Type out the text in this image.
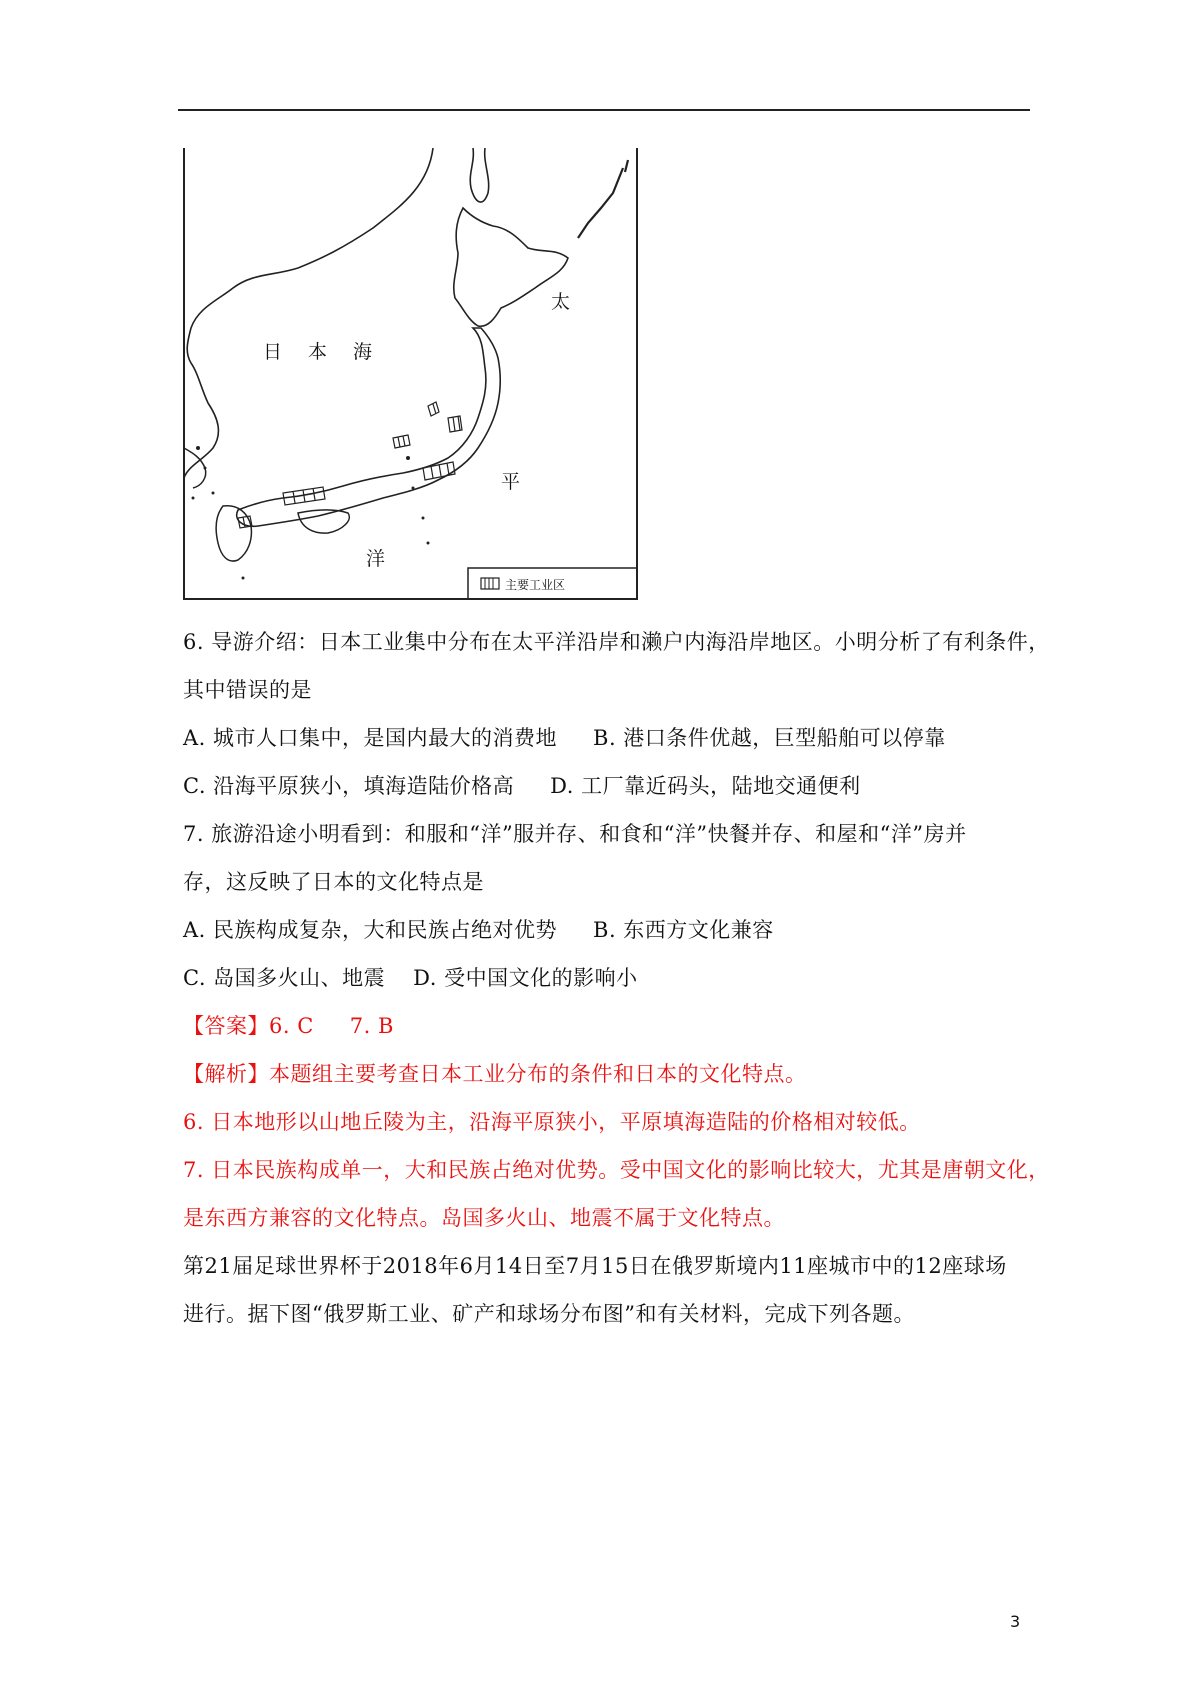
日 本 海
太
平
洋
主要工业区
6. 导游介绍：日本工业集中分布在太平洋沿岸和濑户内海沿岸地区。小明分析了有利条件，
其中错误的是
A. 城市人口集中，是国内最大的消费地 B. 港口条件优越，巨型船舶可以停靠
C. 沿海平原狭小，填海造陆价格高 D. 工厂靠近码头，陆地交通便利
7. 旅游沿途小明看到：和服和“洋”服并存、和食和“洋”快餐并存、和屋和“洋”房并
存，这反映了日本的文化特点是
A. 民族构成复杂，大和民族占绝对优势 B. 东西方文化兼容
C. 岛国多火山、地震 D. 受中国文化的影响小
【答案】6. C 7. B
【解析】本题组主要考查日本工业分布的条件和日本的文化特点。
6. 日本地形以山地丘陵为主，沿海平原狭小，平原填海造陆的价格相对较低。
7. 日本民族构成单一，大和民族占绝对优势。受中国文化的影响比较大，尤其是唐朝文化，
是东西方兼容的文化特点。岛国多火山、地震不属于文化特点。
第21届足球世界杯于2018年6月14日至7月15日在俄罗斯境内11座城市中的12座球场
进行。据下图“俄罗斯工业、矿产和球场分布图”和有关材料，完成下列各题。
3
